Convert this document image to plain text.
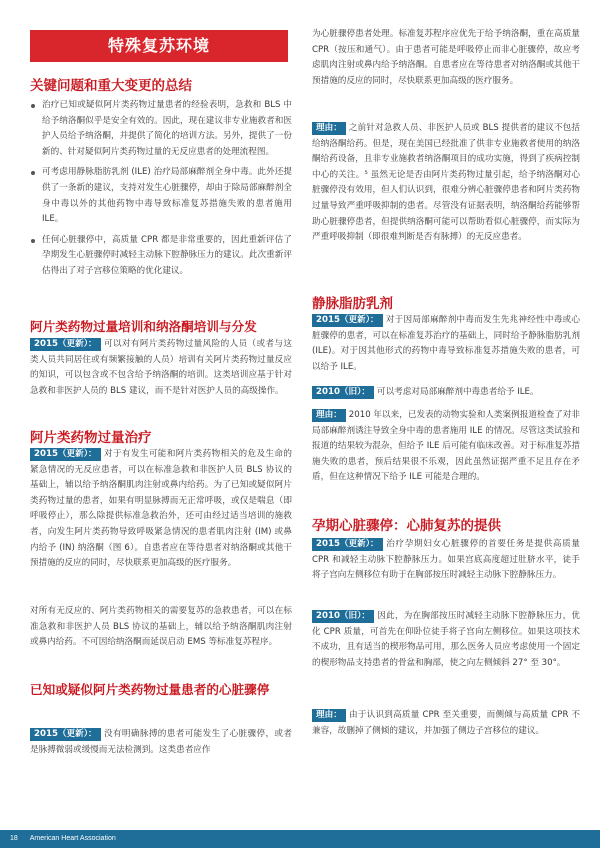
特殊复苏环境
关键问题和重大变更的总结
治疗已知或疑似阿片类药物过量患者的经验表明，急救和 BLS 中给予纳洛酮似乎是安全有效的。因此，现在建议非专业施救者和医护人员给予纳洛酮，并提供了简化的培训方法。另外，提供了一份新的、针对疑似阿片类药物过量的无反应患者的处理流程图。
可考虑用静脉脂肪乳剂 (ILE) 治疗局部麻醉剂全身中毒。此外还提供了一条新的建议，支持对发生心脏骤停，却由于除局部麻醉剂全身中毒以外的其他药物中毒导致标准复苏措施失败的患者施用 ILE。
任何心脏骤停中，高质量 CPR 都是非常重要的，因此重新评估了孕期发生心脏骤停时减轻主动脉下腔静脉压力的建议。此次重新评估得出了对子宫移位策略的优化建议。
阿片类药物过量培训和纳洛酮培训与分发

2015（更新）： 可以对有阿片类药物过量风险的人员（或者与这类人员共同居住或有频繁接触的人员）培训有关阿片类药物过量反应的知识，可以包含或不包含给予纳洛酮的培训。这类培训应基于针对急救和非医护人员的 BLS 建议，而不是针对医护人员的高级操作。

阿片类药物过量治疗

2015（更新）： 对于有发生可能和阿片类药物相关的危及生命的紧急情况的无反应患者，可以在标准急救和非医护人员 BLS 协议的基础上，辅以给予纳洛酮肌肉注射或鼻内给药。为了已知或疑似阿片类药物过量的患者，如果有明显脉搏而无正常呼吸，或仅是喘息（即呼吸停止），那么除提供标准急救治外，还可由经过适当培训的施救者，向发生阿片类药物导致呼吸紧急情况的患者肌肉注射 (IM) 或鼻内给予 (IN) 纳洛酮（图 6）。自患者应在等待患者对纳洛酮或其他干预措施的反应的同时，尽快联系更加高级的医疗服务。

对所有无反应的、阿片类药物相关的需要复苏的急救患者，可以在标准急救和非医护人员 BLS 协议的基础上，辅以给予纳洛酮肌肉注射或鼻内给药。不可因给纳洛酮而延误启动 EMS 等标准复苏程序。

已知或疑似阿片类药物过量患者的心脏骤停

2015（更新）： 没有明确脉搏的患者可能发生了心脏骤停，或者是脉搏微弱或缓慢而无法检测到。这类患者应作

为心脏骤停患者处理。标准复苏程序应优先于给予纳洛酮，重在高质量 CPR（按压和通气）。由于患者可能是呼吸停止而非心脏骤停，故应考虑肌肉注射或鼻内给予纳洛酮。自患者应在等待患者对纳洛酮或其他干预措施的反应的同时，尽快联系更加高级的医疗服务。

理由： 之前针对急救人员、非医护人员或 BLS 提供者的建议不包括给纳洛酮给药。但是，现在美国已经批准了供非专业施救者使用的纳洛酮给药设备，且非专业施救者纳洛酮项目的成功实施，得到了疾病控制中心的关注。⁵ 虽然无论是否由阿片类药物过量引起，给予纳洛酮对心脏骤停没有效用，但人们认识到，很难分辨心脏骤停患者和阿片类药物过量导致严重呼吸抑制的患者。尽管没有证据表明，纳洛酮给药能够帮助心脏骤停患者，但提供纳洛酮可能可以帮助看似心脏骤停，而实际为严重呼吸抑制（即很难判断是否有脉搏）的无反应患者。

静脉脂肪乳剂

2015（更新）： 对于因局部麻醉剂中毒而发生先兆神经性中毒或心脏骤停的患者，可以在标准复苏治疗的基础上，同时给予静脉脂肪乳剂 (ILE)。对于因其他形式的药物中毒导致标准复苏措施失败的患者，可以给予 ILE。

2010（旧）： 可以考虑对局部麻醉剂中毒患者给予 ILE。

理由： 2010 年以来，已发表的动物实验和人类案例报道检查了对非局部麻醉剂诱注导致全身中毒的患者施用 ILE 的情况。尽管这类试验和报道的结果较为混杂，但给予 ILE 后可能有临床改善。对于标准复苏措施失败的患者，预后结果很不乐观，因此虽然证据严重不足且存在矛盾，但在这种情况下给予 ILE 可能是合理的。

孕期心脏骤停：心肺复苏的提供

2015（更新）： 治疗孕期妇女心脏骤停的首要任务是提供高质量 CPR 和减轻主动脉下腔静脉压力。如果宫底高度超过肚脐水平，徒手将子宫向左侧移位有助于在胸部按压时减轻主动脉下腔静脉压力。

2010（旧）： 因此，为在胸部按压时减轻主动脉下腔静脉压力，优化 CPR 质量，可首先在仰卧位徒手将子宫向左侧移位。如果这项技术不成功，且有适当的楔形物品可用，那么医务人员应考虑使用一个固定的楔形物品支持患者的骨盆和胸部，使之向左侧倾斜 27° 至 30°。

理由： 由于认识到高质量 CPR 至关重要，而侧倾与高质量 CPR 不兼容，故删掉了侧倾的建议，并加强了侧边子宫移位的建议。

18 American Heart Association
